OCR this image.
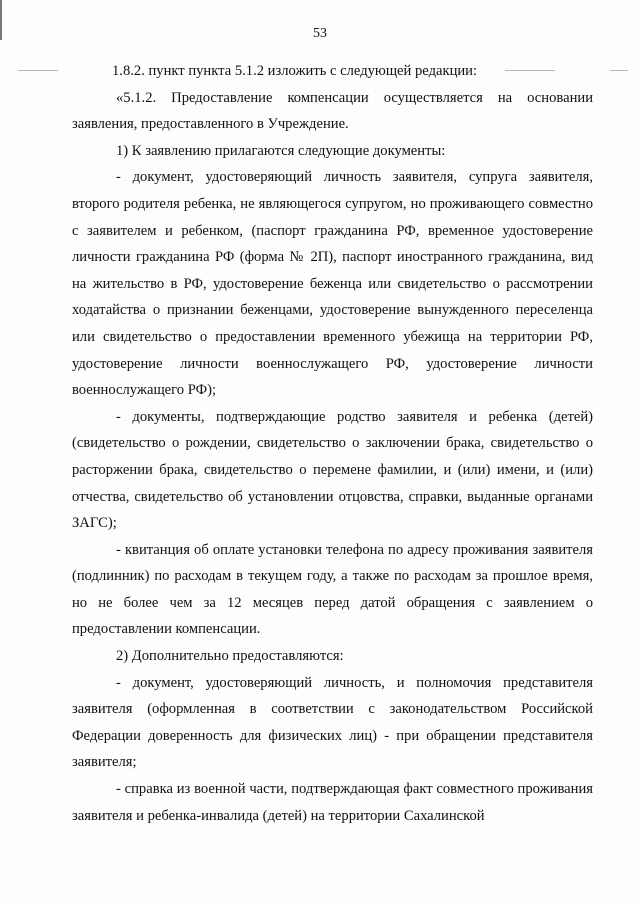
53

1.8.2. пункт пункта 5.1.2 изложить с следующей редакции:

«5.1.2. Предоставление компенсации осуществляется на основании заявления, предоставленного в Учреждение.

1) К заявлению прилагаются следующие документы:

- документ, удостоверяющий личность заявителя, супруга заявителя, второго родителя ребенка, не являющегося супругом, но проживающего совместно с заявителем и ребенком, (паспорт гражданина РФ, временное удостоверение личности гражданина РФ (форма № 2П), паспорт иностранного гражданина, вид на жительство в РФ, удостоверение беженца или свидетельство о рассмотрении ходатайства о признании беженцами, удостоверение вынужденного переселенца или свидетельство о предоставлении временного убежища на территории РФ, удостоверение личности военнослужащего РФ, удостоверение личности военнослужащего РФ);

- документы, подтверждающие родство заявителя и ребенка (детей) (свидетельство о рождении, свидетельство о заключении брака, свидетельство о расторжении брака, свидетельство о перемене фамилии, и (или) имени, и (или) отчества, свидетельство об установлении отцовства, справки, выданные органами ЗАГС);

- квитанция об оплате установки телефона по адресу проживания заявителя (подлинник) по расходам в текущем году, а также по расходам за прошлое время, но не более чем за 12 месяцев перед датой обращения с заявлением о предоставлении компенсации.

2) Дополнительно предоставляются:

- документ, удостоверяющий личность, и полномочия представителя заявителя (оформленная в соответствии с законодательством Российской Федерации доверенность для физических лиц) - при обращении представителя заявителя;

- справка из военной части, подтверждающая факт совместного проживания заявителя и ребенка-инвалида (детей) на территории Сахалинской
